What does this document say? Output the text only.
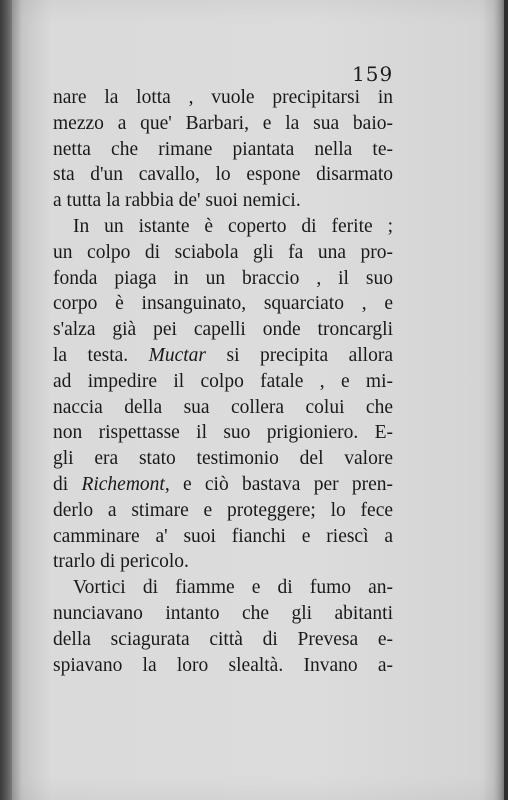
159
nare la lotta , vuole precipitarsi in
mezzo a que' Barbari, e la sua baio-
netta che rimane piantata nella te-
sta d'un cavallo, lo espone disarmato
a tutta la rabbia de' suoi nemici.
In un istante è coperto di ferite ;
un colpo di sciabola gli fa una pro-
fonda piaga in un braccio , il suo
corpo è insanguinato, squarciato , e
s'alza già pei capelli onde troncargli
la testa. Muctar si precipita allora
ad impedire il colpo fatale , e mi-
naccia della sua collera colui che
non rispettasse il suo prigioniero. E-
gli era stato testimonio del valore
di Richemont, e ciò bastava per pren-
derlo a stimare e proteggere; lo fece
camminare a' suoi fianchi e riescì a
trarlo di pericolo.
Vortici di fiamme e di fumo an-
nunciavano intanto che gli abitanti
della sciagurata città di Prevesa e-
spiavano la loro slealtà. Invano a-
